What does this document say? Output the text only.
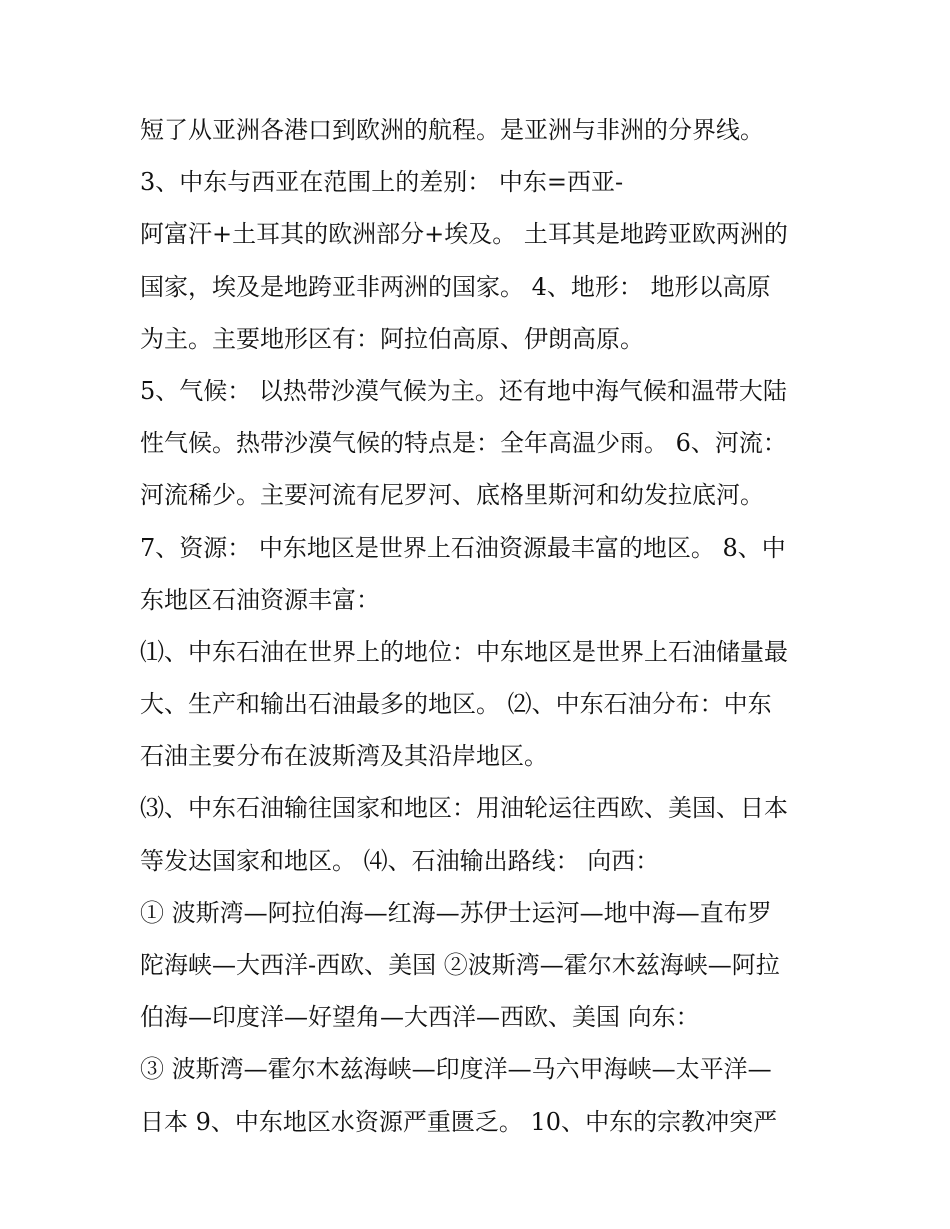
短了从亚洲各港口到欧洲的航程。是亚洲与非洲的分界线。
3、中东与西亚在范围上的差别： 中东=西亚-
阿富汗+土耳其的欧洲部分+埃及。 土耳其是地跨亚欧两洲的
国家，埃及是地跨亚非两洲的国家。 4、地形： 地形以高原
为主。主要地形区有：阿拉伯高原、伊朗高原。
5、气候： 以热带沙漠气候为主。还有地中海气候和温带大陆
性气候。热带沙漠气候的特点是：全年高温少雨。 6、河流：
河流稀少。主要河流有尼罗河、底格里斯河和幼发拉底河。
7、资源： 中东地区是世界上石油资源最丰富的地区。 8、中
东地区石油资源丰富：
⑴、中东石油在世界上的地位：中东地区是世界上石油储量最
大、生产和输出石油最多的地区。 ⑵、中东石油分布：中东
石油主要分布在波斯湾及其沿岸地区。
⑶、中东石油输往国家和地区：用油轮运往西欧、美国、日本
等发达国家和地区。 ⑷、石油输出路线： 向西：
① 波斯湾—阿拉伯海—红海—苏伊士运河—地中海—直布罗
陀海峡—大西洋-西欧、美国 ②波斯湾—霍尔木兹海峡—阿拉
伯海—印度洋—好望角—大西洋—西欧、美国 向东：
③ 波斯湾—霍尔木兹海峡—印度洋—马六甲海峡—太平洋—
日本 9、中东地区水资源严重匮乏。 10、中东的宗教冲突严
